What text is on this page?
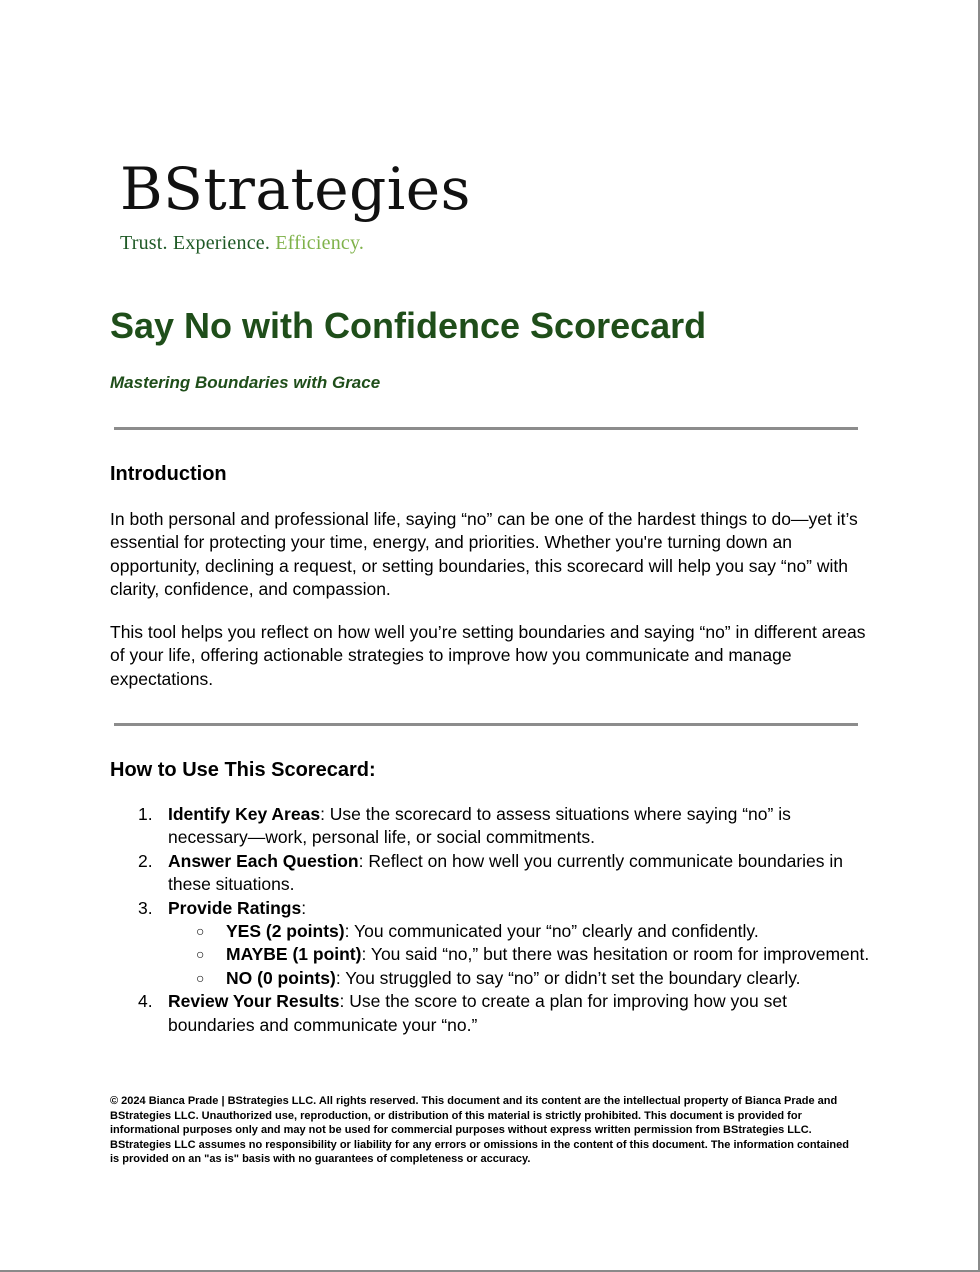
BStrategies
Trust. Experience. Efficiency.
Say No with Confidence Scorecard

Mastering Boundaries with Grace

Introduction

In both personal and professional life, saying “no” can be one of the hardest things to do—yet it’s essential for protecting your time, energy, and priorities. Whether you're turning down an opportunity, declining a request, or setting boundaries, this scorecard will help you say “no” with clarity, confidence, and compassion.

This tool helps you reflect on how well you’re setting boundaries and saying “no” in different areas of your life, offering actionable strategies to improve how you communicate and manage expectations.

How to Use This Scorecard:
1. Identify Key Areas: Use the scorecard to assess situations where saying “no” is necessary—work, personal life, or social commitments.
2. Answer Each Question: Reflect on how well you currently communicate boundaries in these situations.
3. Provide Ratings:
○ YES (2 points): You communicated your “no” clearly and confidently.
○ MAYBE (1 point): You said “no,” but there was hesitation or room for improvement.
○ NO (0 points): You struggled to say “no” or didn’t set the boundary clearly.
4. Review Your Results: Use the score to create a plan for improving how you set boundaries and communicate your “no.”

© 2024 Bianca Prade | BStrategies LLC. All rights reserved. This document and its content are the intellectual property of Bianca Prade and BStrategies LLC. Unauthorized use, reproduction, or distribution of this material is strictly prohibited. This document is provided for informational purposes only and may not be used for commercial purposes without express written permission from BStrategies LLC. BStrategies LLC assumes no responsibility or liability for any errors or omissions in the content of this document. The information contained is provided on an "as is" basis with no guarantees of completeness or accuracy.
